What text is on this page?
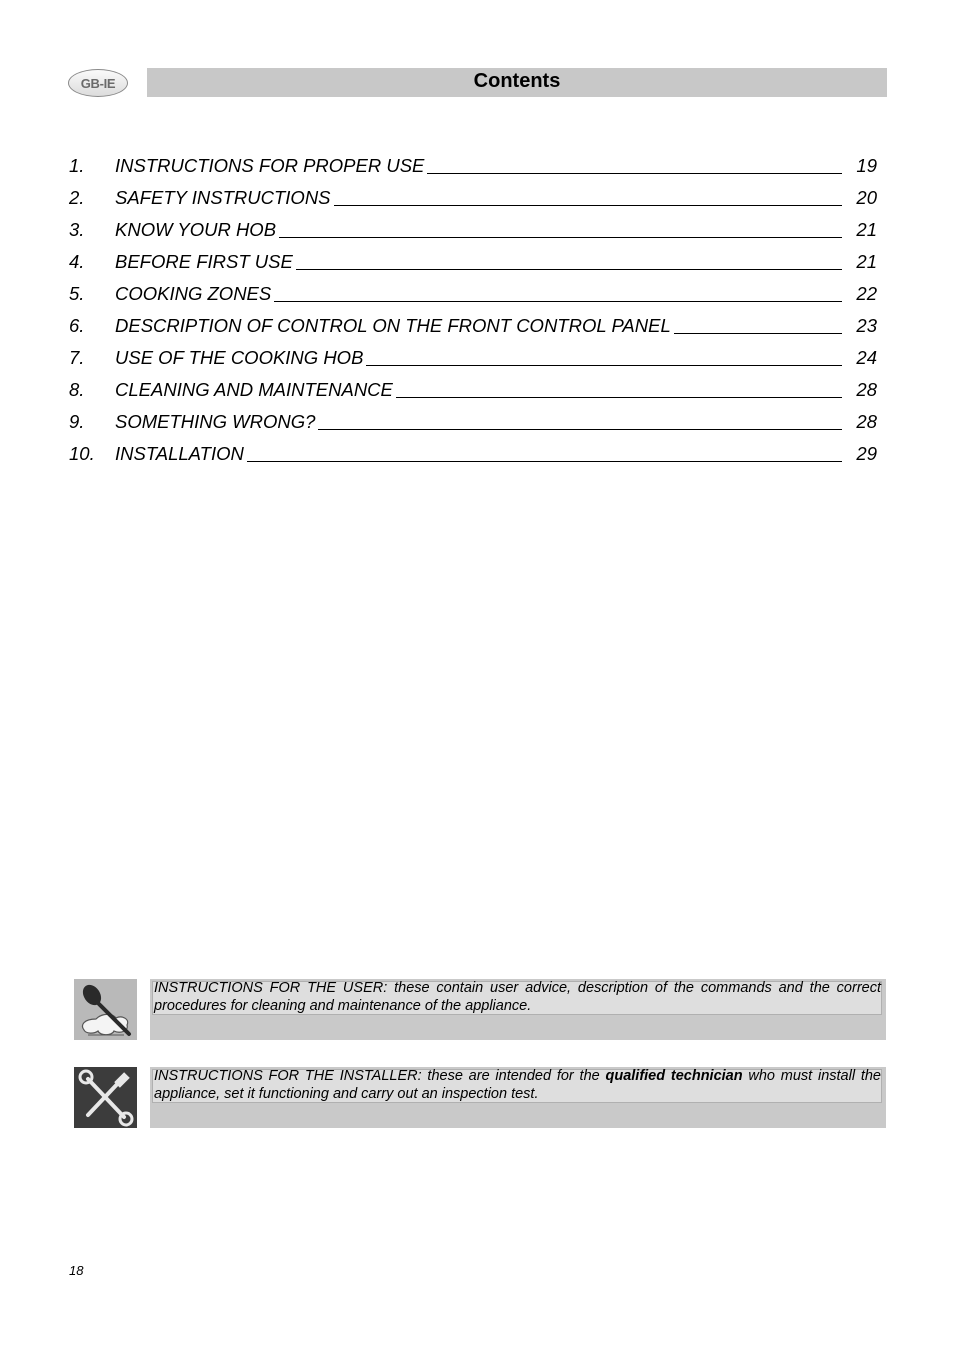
GB-IE	Contents
1. INSTRUCTIONS FOR PROPER USE	19
2. SAFETY INSTRUCTIONS	20
3. KNOW YOUR HOB	21
4. BEFORE FIRST USE	21
5. COOKING ZONES	22
6. DESCRIPTION OF CONTROL ON THE FRONT CONTROL PANEL	23
7. USE OF THE COOKING HOB	24
8. CLEANING AND MAINTENANCE	28
9. SOMETHING WRONG?	28
10. INSTALLATION	29
INSTRUCTIONS FOR THE USER: these contain user advice, description of the commands and the correct procedures for cleaning and maintenance of the appliance.
INSTRUCTIONS FOR THE INSTALLER: these are intended for the qualified technician who must install the appliance, set it functioning and carry out an inspection test.
18
